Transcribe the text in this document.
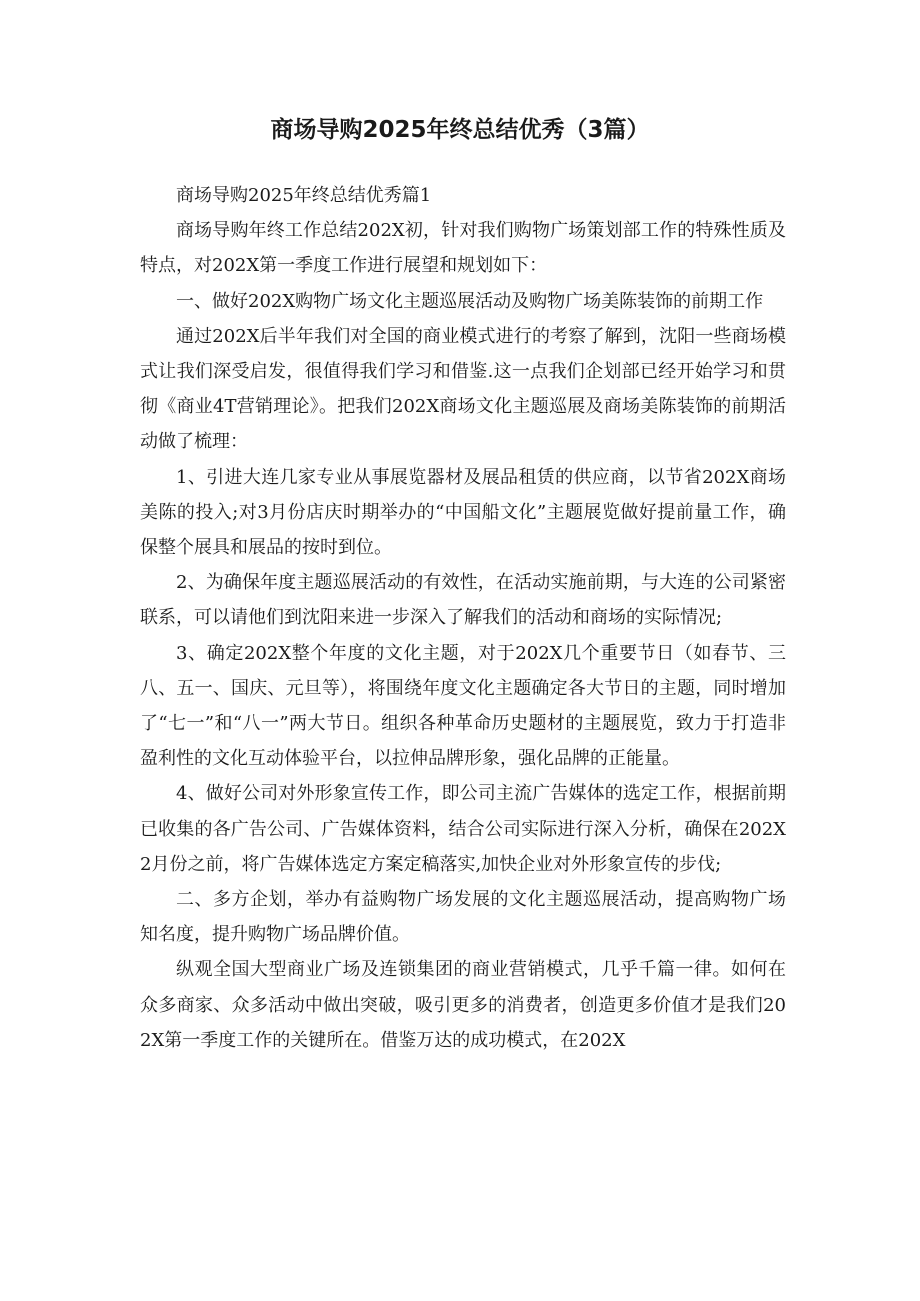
商场导购2025年终总结优秀（3篇）

商场导购2025年终总结优秀篇1

商场导购年终工作总结202X初，针对我们购物广场策划部工作的特殊性质及特点，对202X第一季度工作进行展望和规划如下：

一、做好202X购物广场文化主题巡展活动及购物广场美陈装饰的前期工作

通过202X后半年我们对全国的商业模式进行的考察了解到，沈阳一些商场模式让我们深受启发，很值得我们学习和借鉴.这一点我们企划部已经开始学习和贯彻《商业4T营销理论》。把我们202X商场文化主题巡展及商场美陈装饰的前期活动做了梳理：

1、引进大连几家专业从事展览器材及展品租赁的供应商，以节省202X商场美陈的投入;对3月份店庆时期举办的“中国船文化”主题展览做好提前量工作，确保整个展具和展品的按时到位。

2、为确保年度主题巡展活动的有效性，在活动实施前期，与大连的公司紧密联系，可以请他们到沈阳来进一步深入了解我们的活动和商场的实际情况;

3、确定202X整个年度的文化主题，对于202X几个重要节日（如春节、三八、五一、国庆、元旦等），将围绕年度文化主题确定各大节日的主题，同时增加了“七一”和“八一”两大节日。组织各种革命历史题材的主题展览，致力于打造非盈利性的文化互动体验平台，以拉伸品牌形象，强化品牌的正能量。

4、做好公司对外形象宣传工作，即公司主流广告媒体的选定工作，根据前期已收集的各广告公司、广告媒体资料，结合公司实际进行深入分析，确保在202X2月份之前，将广告媒体选定方案定稿落实,加快企业对外形象宣传的步伐;

二、多方企划，举办有益购物广场发展的文化主题巡展活动，提高购物广场知名度，提升购物广场品牌价值。

纵观全国大型商业广场及连锁集团的商业营销模式，几乎千篇一律。如何在众多商家、众多活动中做出突破，吸引更多的消费者，创造更多价值才是我们202X第一季度工作的关键所在。借鉴万达的成功模式，在202X
